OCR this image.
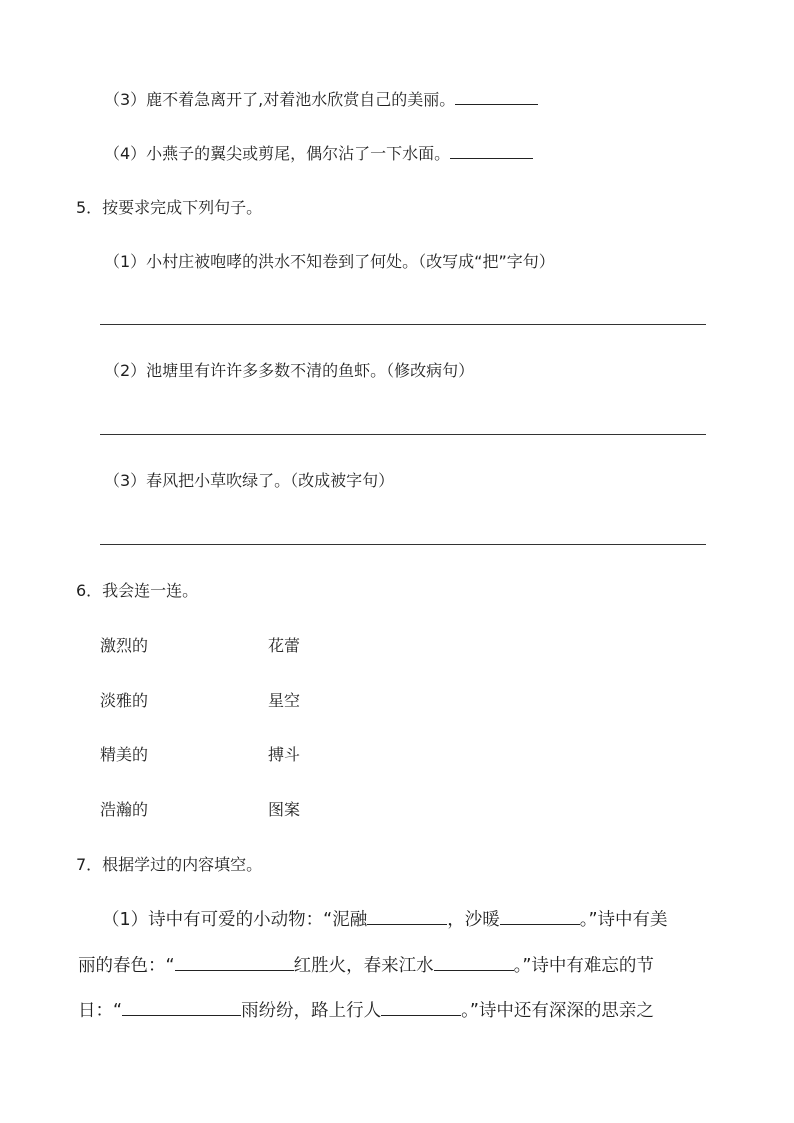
（3）鹿不着急离开了,对着池水欣赏自己的美丽。
（4）小燕子的翼尖或剪尾，偶尔沾了一下水面。
5．按要求完成下列句子。
（1）小村庄被咆哮的洪水不知卷到了何处。（改写成“把”字句）
（2）池塘里有许许多多数不清的鱼虾。（修改病句）
（3）春风把小草吹绿了。（改成被字句）
6．我会连一连。
激烈的	花蕾
淡雅的	星空
精美的	搏斗
浩瀚的	图案
7．根据学过的内容填空。
（1）诗中有可爱的小动物：“泥融	，沙暖	。”诗中有美
丽的春色：“	红胜火，春来江水	。”诗中有难忘的节
日：“	雨纷纷，路上行人	。”诗中还有深深的思亲之
